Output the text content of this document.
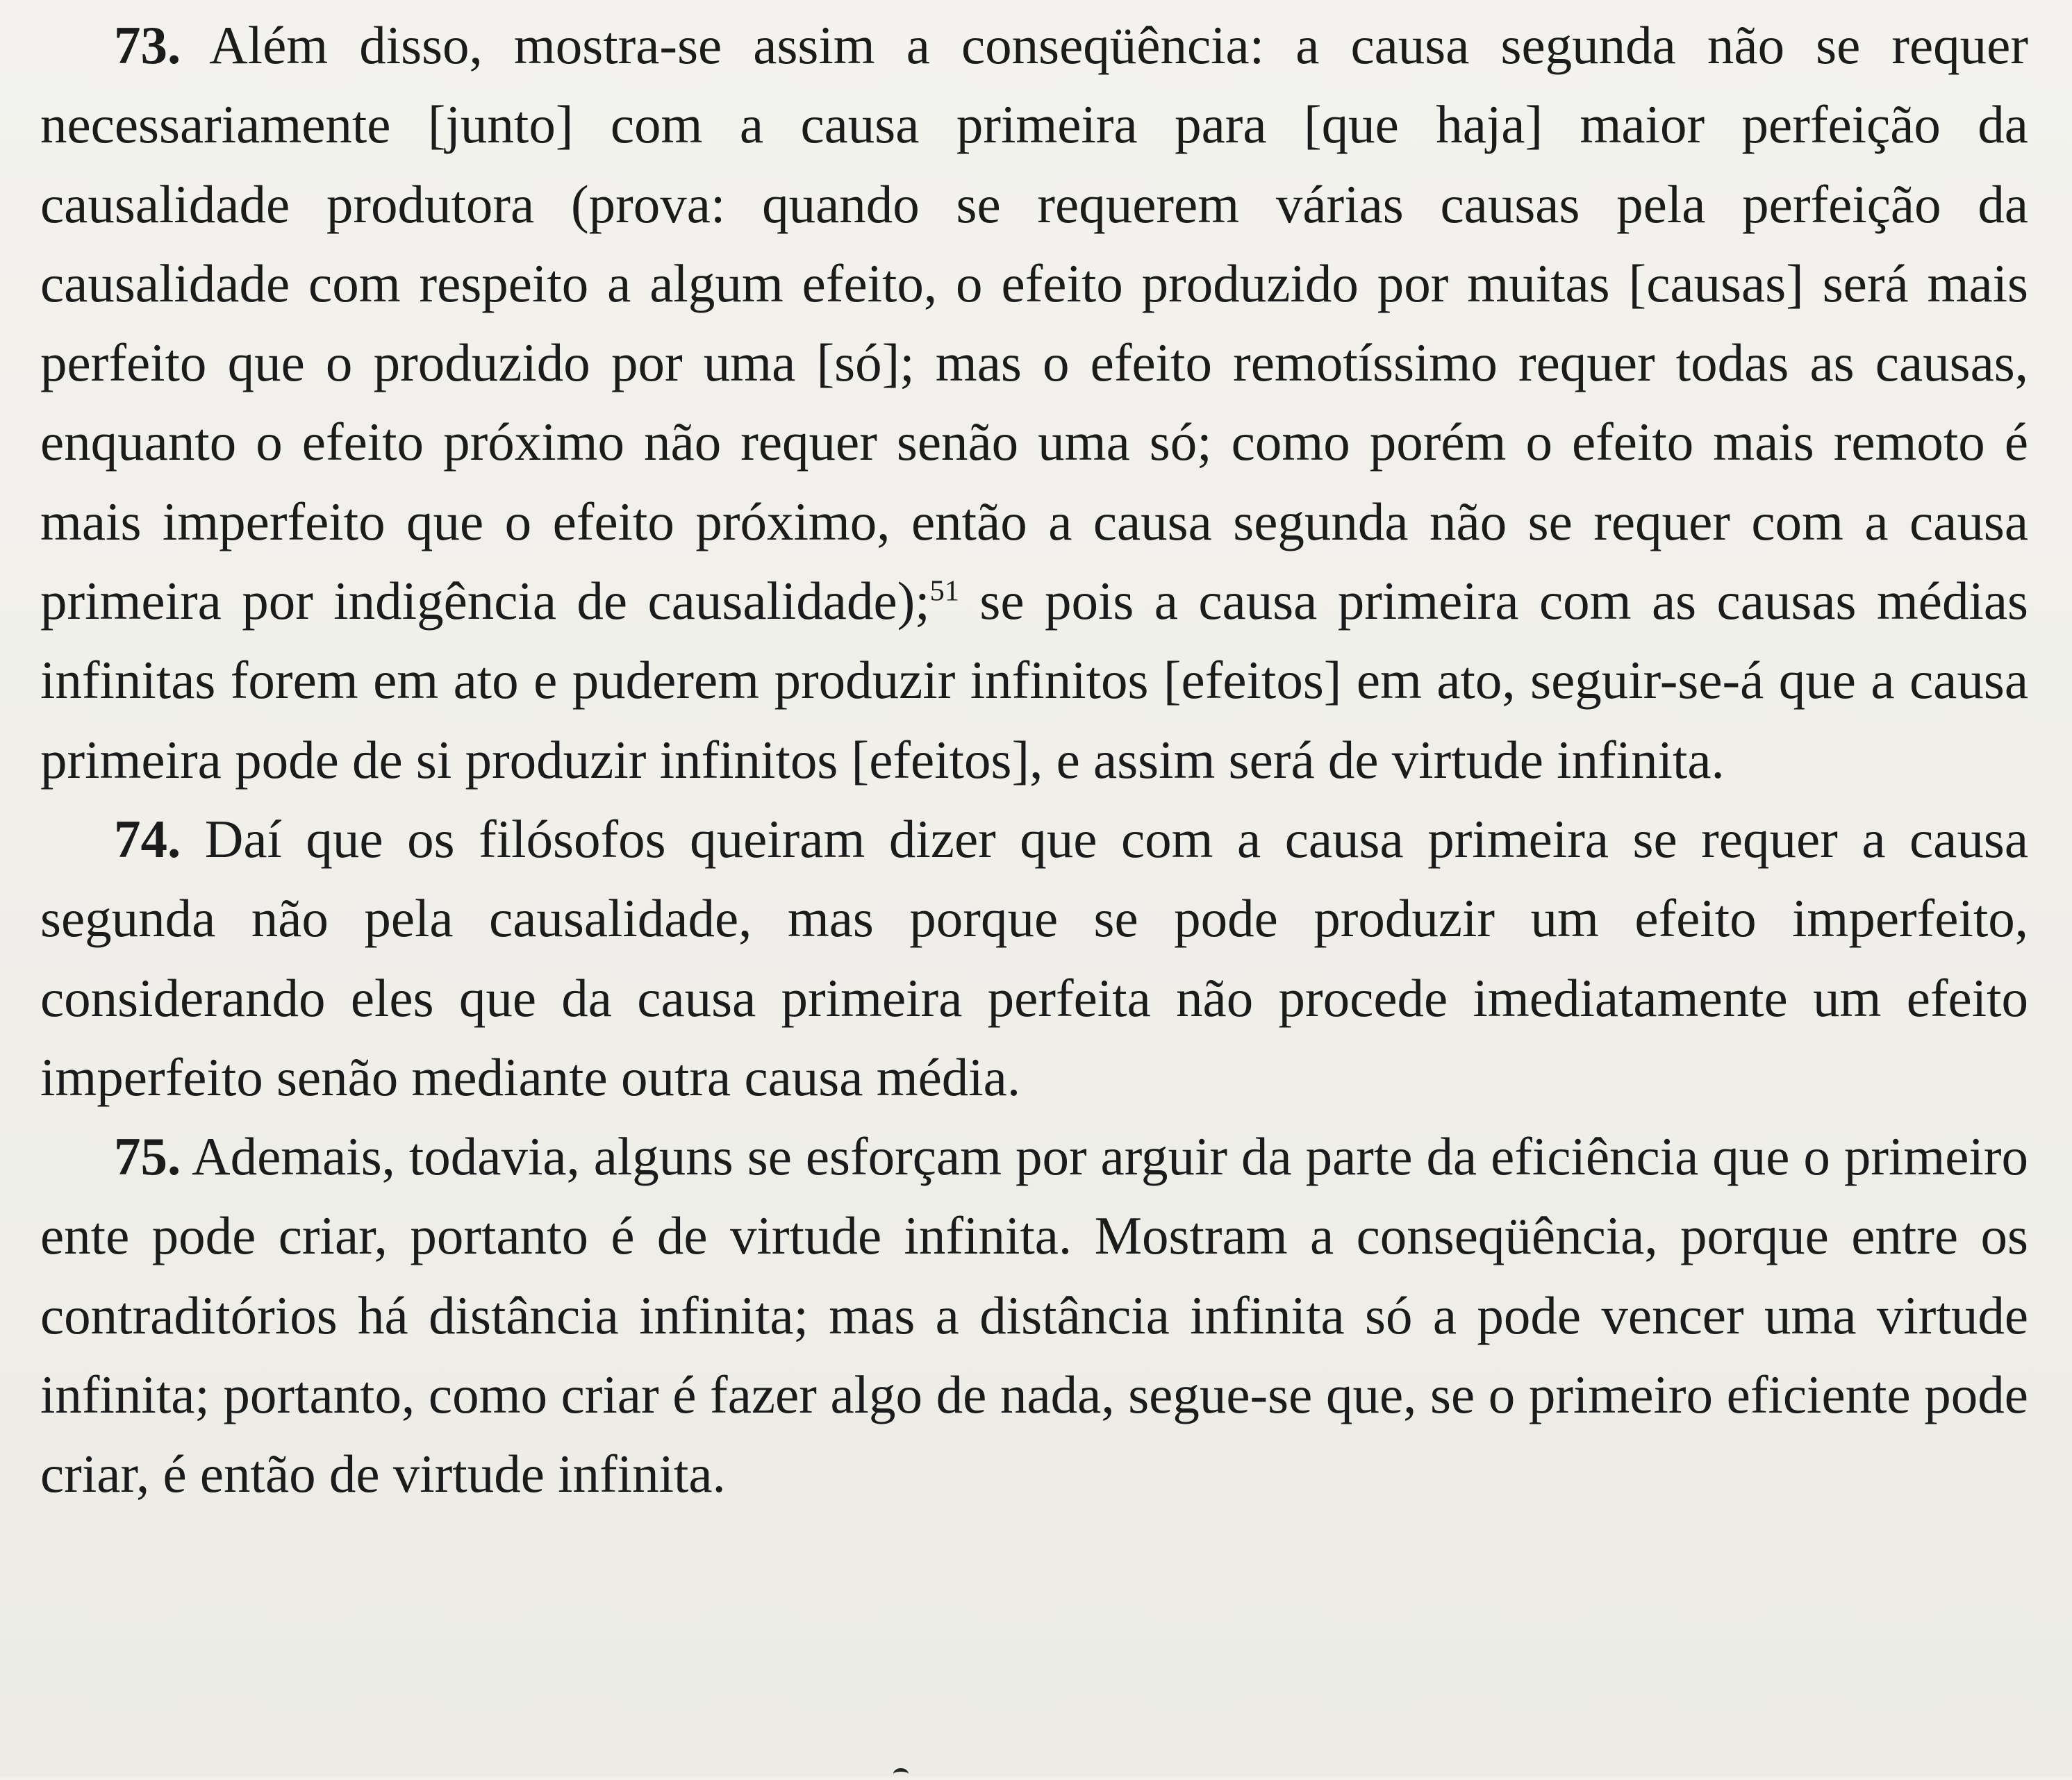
73. Além disso, mostra-se assim a conseqüência: a causa segunda não se requer necessariamente [junto] com a causa primeira para [que haja] maior perfeição da causalidade produtora (prova: quando se requerem várias causas pela perfeição da causalidade com respeito a algum efeito, o efeito produzido por muitas [causas] será mais perfeito que o produzido por uma [só]; mas o efeito remotíssimo requer todas as causas, enquanto o efeito próximo não requer senão uma só; como porém o efeito mais remoto é mais imperfeito que o efeito próximo, então a causa segunda não se requer com a causa primeira por indigência de causalidade);$^{51}$ se pois a causa primeira com as causas médias infinitas forem em ato e puderem produzir infinitos [efeitos] em ato, seguir-se-á que a causa primeira pode de si produzir infinitos [efeitos], e assim será de virtude infinita.

74. Daí que os filósofos queiram dizer que com a causa primeira se requer a causa segunda não pela causalidade, mas porque se pode produzir um efeito imperfeito, considerando eles que da causa primeira perfeita não procede imediatamente um efeito imperfeito senão mediante outra causa média.

75. Ademais, todavia, alguns se esforçam por arguir da parte da eficiência que o primeiro ente pode criar, portanto é de virtude infinita. Mostram a conseqüência, porque entre os contraditórios há distância infinita; mas a distância infinita só a pode vencer uma virtude infinita; portanto, como criar é fazer algo de nada, segue-se que, se o primeiro eficiente pode criar, é então de virtude infinita.
